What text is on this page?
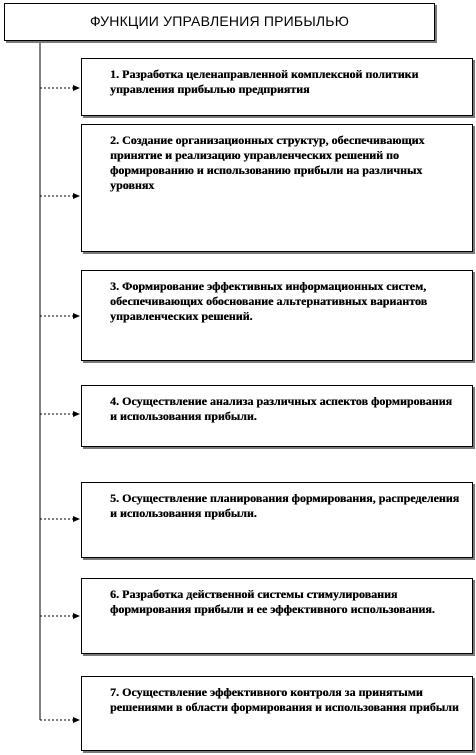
ФУНКЦИИ УПРАВЛЕНИЯ ПРИБЫЛЬЮ
1. Разработка целенаправленной комплексной политики управления прибылью предприятия
2. Создание организационных структур, обеспечивающих принятие и реализацию управленческих решений по формированию и использованию прибыли на различных уровнях
3. Формирование эффективных информационных систем, обеспечивающих обоснование альтернативных вариантов управленческих решений.
4. Осуществление анализа различных аспектов формирования и использования прибыли.
5. Осуществление планирования формирования, распределения и использования прибыли.
6. Разработка действенной системы стимулирования формирования прибыли и ее эффективного использования.
7. Осуществление эффективного контроля за принятыми решениями в области формирования и использования прибыли
